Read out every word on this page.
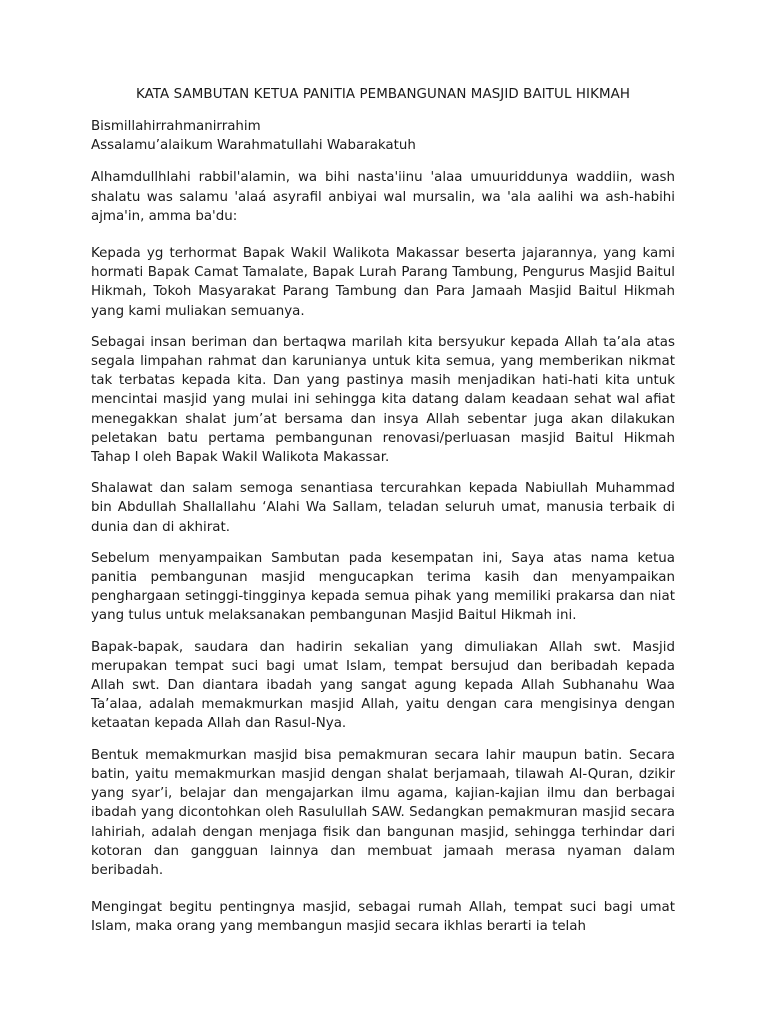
KATA SAMBUTAN KETUA PANITIA PEMBANGUNAN MASJID BAITUL HIKMAH
Bismillahirrahmanirrahim
Assalamu’alaikum Warahmatullahi Wabarakatuh

Alhamdullhlahi rabbil'alamin, wa bihi nasta'iinu 'alaa umuuriddunya waddiin, wash shalatu was salamu 'alaá asyrafil anbiyai wal mursalin, wa 'ala aalihi wa ash-habihi ajma'in, amma ba'du:

Kepada yg terhormat Bapak Wakil Walikota Makassar beserta jajarannya, yang kami hormati Bapak Camat Tamalate, Bapak Lurah Parang Tambung, Pengurus Masjid Baitul Hikmah, Tokoh Masyarakat Parang Tambung dan Para Jamaah Masjid Baitul Hikmah yang kami muliakan semuanya.

Sebagai insan beriman dan bertaqwa marilah kita bersyukur kepada Allah ta’ala atas segala limpahan rahmat dan karunianya untuk kita semua, yang memberikan nikmat tak terbatas kepada kita. Dan yang pastinya masih menjadikan hati-hati kita untuk mencintai masjid yang mulai ini sehingga kita datang dalam keadaan sehat wal afiat menegakkan shalat jum’at bersama dan insya Allah sebentar juga akan dilakukan peletakan batu pertama pembangunan renovasi/perluasan masjid Baitul Hikmah Tahap I oleh Bapak Wakil Walikota Makassar.

Shalawat dan salam semoga senantiasa tercurahkan kepada Nabiullah Muhammad bin Abdullah Shallallahu ‘Alahi Wa Sallam, teladan seluruh umat, manusia terbaik di dunia dan di akhirat.

Sebelum menyampaikan Sambutan pada kesempatan ini, Saya atas nama ketua panitia pembangunan masjid mengucapkan terima kasih dan menyampaikan penghargaan setinggi-tingginya kepada semua pihak yang memiliki prakarsa dan niat yang tulus untuk melaksanakan pembangunan Masjid Baitul Hikmah ini.

Bapak-bapak, saudara dan hadirin sekalian yang dimuliakan Allah swt. Masjid merupakan tempat suci bagi umat Islam, tempat bersujud dan beribadah kepada Allah swt. Dan diantara ibadah yang sangat agung kepada Allah Subhanahu Waa Ta’alaa, adalah memakmurkan masjid Allah, yaitu dengan cara mengisinya dengan ketaatan kepada Allah dan Rasul-Nya.

Bentuk memakmurkan masjid bisa pemakmuran secara lahir maupun batin. Secara batin, yaitu memakmurkan masjid dengan shalat berjamaah, tilawah Al-Quran, dzikir yang syar’i, belajar dan mengajarkan ilmu agama, kajian-kajian ilmu dan berbagai ibadah yang dicontohkan oleh Rasulullah SAW. Sedangkan pemakmuran masjid secara lahiriah, adalah dengan menjaga fisik dan bangunan masjid, sehingga terhindar dari kotoran dan gangguan lainnya dan membuat jamaah merasa nyaman dalam beribadah.

Mengingat begitu pentingnya masjid, sebagai rumah Allah, tempat suci bagi umat Islam, maka orang yang membangun masjid secara ikhlas berarti ia telah
